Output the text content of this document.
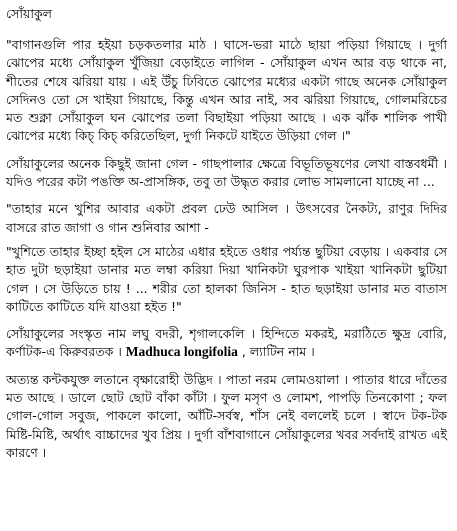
সোঁয়াকুল

"বাগানগুলি পার হইয়া চড়কতলার মাঠ । ঘাসে-ভরা মাঠে ছায়া পড়িয়া গিয়াছে । দুর্গা ঝোপের মধ্যে সোঁয়াকুল খুঁজিয়া বেড়াইতে লাগিল - সোঁয়াকুল এখন আর বড় থাকে না, শীতের শেষে ঝরিয়া যায় । এই উঁচু ঢিবিতে ঝোপের মধ্যের একটা গাছে অনেক সোঁয়াকুল সেদিনও তো সে খাইয়া গিয়াছে, কিন্তু এখন আর নাই, সব ঝরিয়া গিয়াছে, গোলমরিচের মত শুক্না সোঁয়াকুল ঘন ঝোপের তলা বিছাইয়া পড়িয়া আছে । এক ঝাঁক শালিক পাখী ঝোপের মধ্যে কিচ্ কিচ্ করিতেছিল, দুর্গা নিকটে যাইতে উড়িয়া গেল ।"

সোঁয়াকুলের অনেক কিছুই জানা গেল - গাছপালার ক্ষেত্রে বিভূতিভূষণের লেখা বাস্তবধর্মী । যদিও পরের কটা পঙক্তি অ-প্রাসঙ্গিক, তবু তা উদ্ধৃত করার লোভ সামলানো যাচ্ছে না ...

"তাহার মনে খুশির আবার একটা প্রবল ঢেউ আসিল । উৎসবের নৈকট্য, রাণুর দিদির বাসরে রাত জাগা ও গান শুনিবার আশা -

"খুশিতে তাহার ইচ্ছা হইল সে মাঠের এধার হইতে ওধার পর্য্যন্ত ছুটিয়া বেড়ায় । একবার সে হাত দুটা ছড়াইয়া ডানার মত লম্বা করিয়া দিয়া খানিকটা ঘুরপাক খাইয়া খানিকটা ছুটিয়া গেল । সে উড়িতে চায় ! ... শরীর তো হালকা জিনিস - হাত ছড়াইয়া ডানার মত বাতাস কাটিতে কাটিতে যদি যাওয়া হইত !"

সোঁয়াকুলের সংস্কৃত নাম লঘু বদরী, শৃগালকেলি । হিন্দিতে মকরই, মরাঠিতে ক্ষুদ্র বোরি, কর্ণাটক-এ কিরুবরতক । Madhuca longifolia , ল্যাটিন নাম ।

অত্যন্ত কন্টকযুক্ত লতানে বৃক্ষারোহী উদ্ভিদ । পাতা নরম লোমওয়ালা । পাতার ধারে দাঁতের মত আছে । ডালে ছোট ছোট বাঁকা কাঁটা । ফুল মসৃণ ও লোমশ, পাপড়ি তিনকোণা ; ফল গোল-গোল সবুজ, পাকলে কালো, আঁটি-সর্বস্ব, শাঁস নেই বললেই চলে । স্বাদে টক-টক মিষ্টি-মিষ্টি, অর্থাৎ বাচ্চাদের খুব প্রিয় । দুর্গা বাঁশবাগানে সোঁয়াকুলের খবর সর্বদাই রাখত এই কারণে ।
